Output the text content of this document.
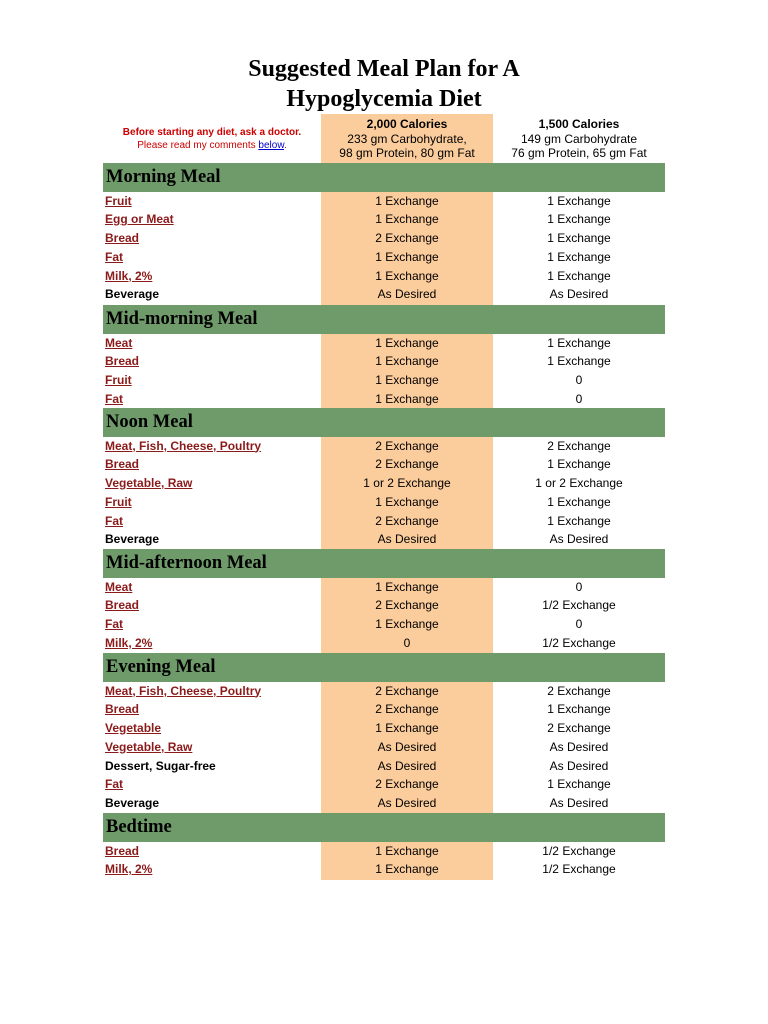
Suggested Meal Plan for A
Hypoglycemia Diet
Before starting any diet, ask a doctor.
Please read my comments below.
2,000 Calories
233 gm Carbohydrate,
98 gm Protein, 80 gm Fat
1,500 Calories
149 gm Carbohydrate
76 gm Protein, 65 gm Fat
Morning Meal
Fruit	1 Exchange	1 Exchange
Egg or Meat	1 Exchange	1 Exchange
Bread	2 Exchange	1 Exchange
Fat	1 Exchange	1 Exchange
Milk, 2%	1 Exchange	1 Exchange
Beverage	As Desired	As Desired
Mid-morning Meal
Meat	1 Exchange	1 Exchange
Bread	1 Exchange	1 Exchange
Fruit	1 Exchange	0
Fat	1 Exchange	0
Noon Meal
Meat, Fish, Cheese, Poultry	2 Exchange	2 Exchange
Bread	2 Exchange	1 Exchange
Vegetable, Raw	1 or 2 Exchange	1 or 2 Exchange
Fruit	1 Exchange	1 Exchange
Fat	2 Exchange	1 Exchange
Beverage	As Desired	As Desired
Mid-afternoon Meal
Meat	1 Exchange	0
Bread	2 Exchange	1/2 Exchange
Fat	1 Exchange	0
Milk, 2%	0	1/2 Exchange
Evening Meal
Meat, Fish, Cheese, Poultry	2 Exchange	2 Exchange
Bread	2 Exchange	1 Exchange
Vegetable	1 Exchange	2 Exchange
Vegetable, Raw	As Desired	As Desired
Dessert, Sugar-free	As Desired	As Desired
Fat	2 Exchange	1 Exchange
Beverage	As Desired	As Desired
Bedtime
Bread	1 Exchange	1/2 Exchange
Milk, 2%	1 Exchange	1/2 Exchange
